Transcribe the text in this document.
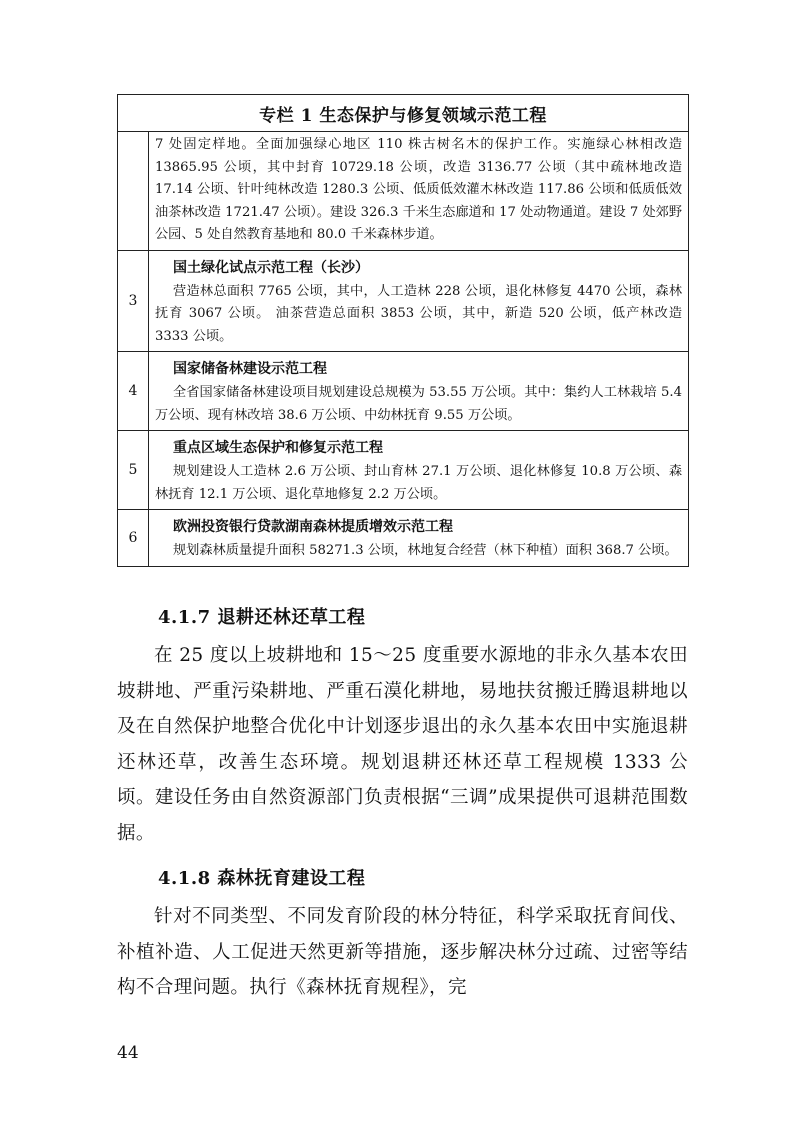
专栏 1 生态保护与修复领域示范工程	

	7 处固定样地。全面加强绿心地区 110 株古树名木的保护工作。实施绿心林相改造 13865.95 公顷，其中封育 10729.18 公顷，改造 3136.77 公顷（其中疏林地改造 17.14 公顷、针叶纯林改造 1280.3 公顷、低质低效灌木林改造 117.86 公顷和低质低效油茶林改造 1721.47 公顷）。建设 326.3 千米生态廊道和 17 处动物通道。建设 7 处郊野公园、5 处自然教育基地和 80.0 千米森林步道。

3	国土绿化试点示范工程（长沙）
营造林总面积 7765 公顷，其中，人工造林 228 公顷，退化林修复 4470 公顷，森林抚育 3067 公顷。 油茶营造总面积 3853 公顷，其中，新造 520 公顷，低产林改造 3333 公顷。

4	国家储备林建设示范工程
全省国家储备林建设项目规划建设总规模为 53.55 万公顷。其中：集约人工林栽培 5.4 万公顷、现有林改培 38.6 万公顷、中幼林抚育 9.55 万公顷。

5	重点区域生态保护和修复示范工程
规划建设人工造林 2.6 万公顷、封山育林 27.1 万公顷、退化林修复 10.8 万公顷、森林抚育 12.1 万公顷、退化草地修复 2.2 万公顷。

6	欧洲投资银行贷款湖南森林提质增效示范工程
规划森林质量提升面积 58271.3 公顷，林地复合经营（林下种植）面积 368.7 公顷。
4.1.7 退耕还林还草工程

在 25 度以上坡耕地和 15～25 度重要水源地的非永久基本农田坡耕地、严重污染耕地、严重石漠化耕地，易地扶贫搬迁腾退耕地以及在自然保护地整合优化中计划逐步退出的永久基本农田中实施退耕还林还草，改善生态环境。规划退耕还林还草工程规模 1333 公顷。建设任务由自然资源部门负责根据“三调”成果提供可退耕范围数据。

4.1.8 森林抚育建设工程

针对不同类型、不同发育阶段的林分特征，科学采取抚育间伐、补植补造、人工促进天然更新等措施，逐步解决林分过疏、过密等结构不合理问题。执行《森林抚育规程》，完

44
